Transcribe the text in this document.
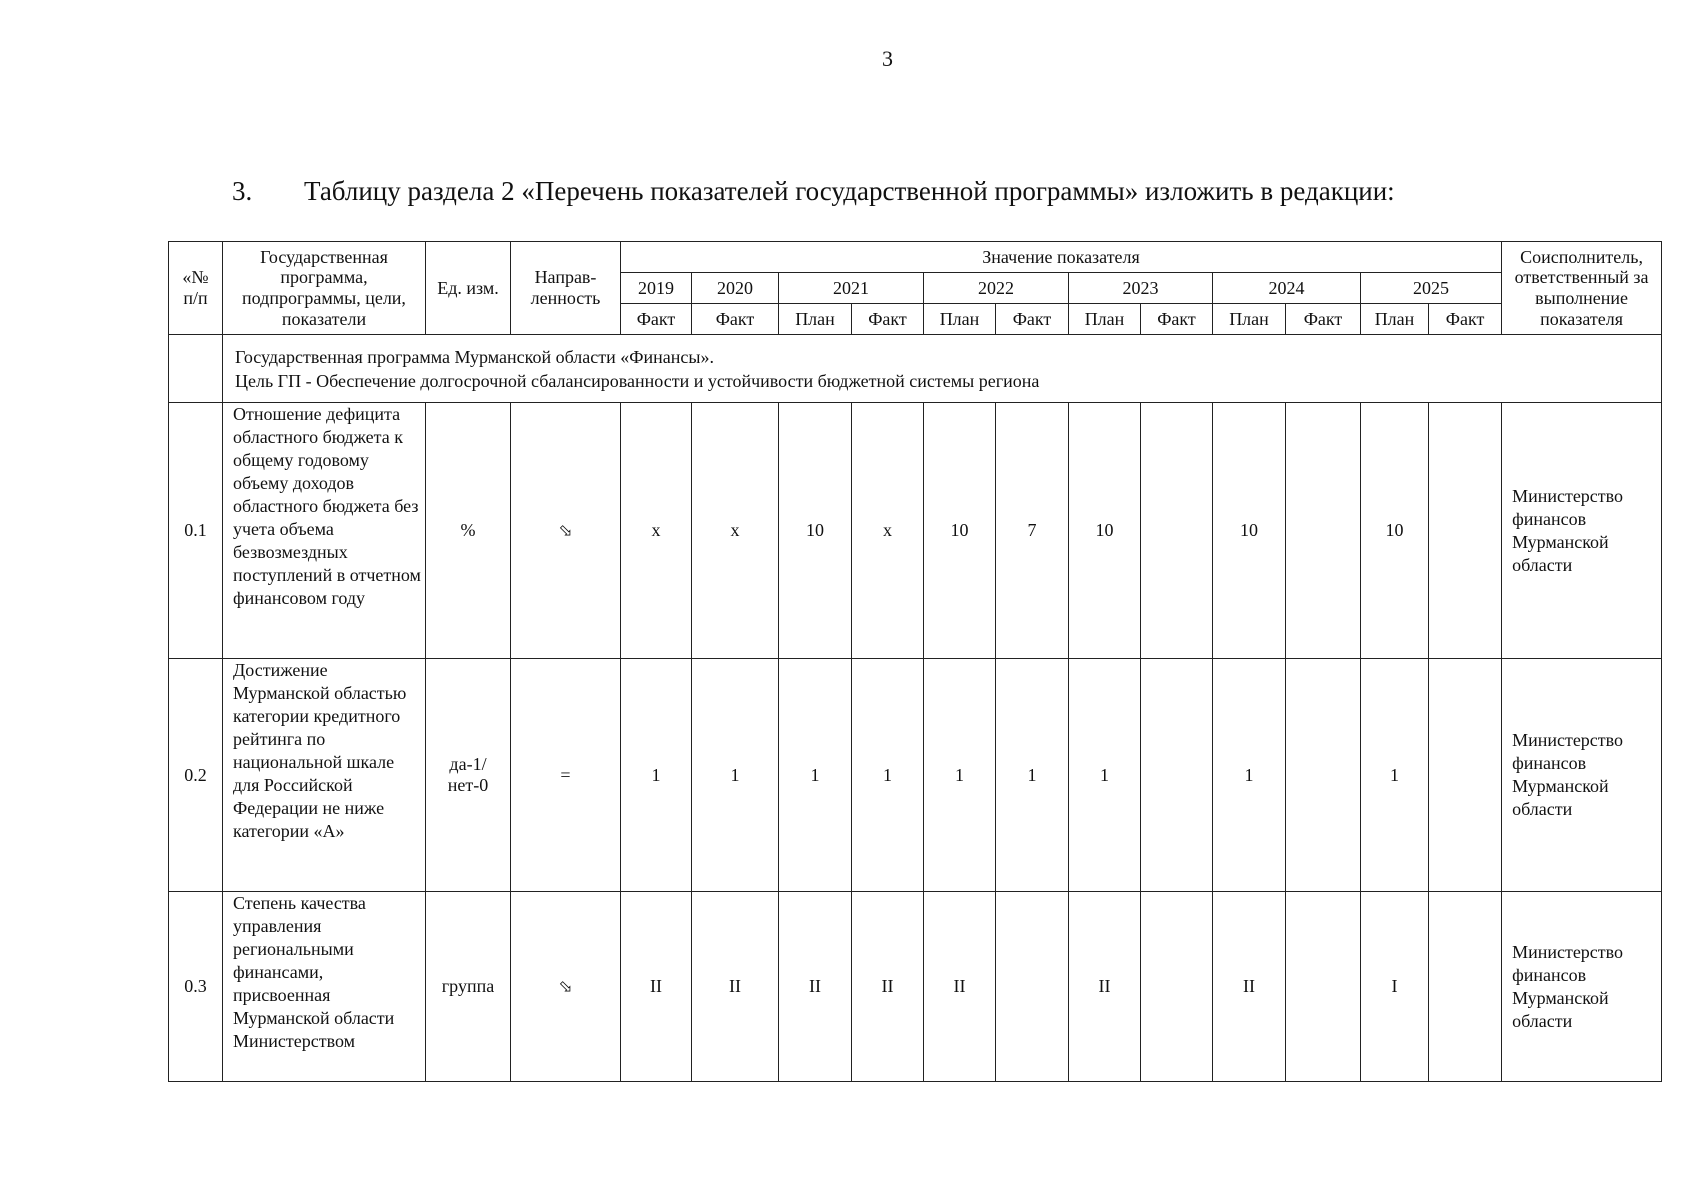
3
3. Таблицу раздела 2 «Перечень показателей государственной программы» изложить в редакции:
«№ п/п	Государственная программа, подпрограммы, цели, показатели	Ед. изм.	Направ-ленность	Значение показателя												Соисполнитель, ответственный за выполнение показателя
				2019	2020	2021		2022		2023		2024		2025		
				Факт	Факт	План	Факт	План	Факт	План	Факт	План	Факт	План	Факт	

	Государственная программа Мурманской области «Финансы».
Цель ГП - Обеспечение долгосрочной сбалансированности и устойчивости бюджетной системы региона															

0.1	Отношение дефицита областного бюджета к общему годовому объему доходов областного бюджета без учета объема безвозмездных поступлений в отчетном финансовом году	%	⬂	x	x	10	x	10	7	10		10		10		Министерство финансов Мурманской области
0.2	Достижение Мурманской областью категории кредитного рейтинга по национальной шкале для Российской Федерации не ниже категории «А»	да-1/нет-0	=	1	1	1	1	1	1	1		1		1		Министерство финансов Мурманской области
0.3	Степень качества управления региональными финансами, присвоенная Мурманской области Министерством	группа	⬂	II	II	II	II	II		II		II		I		Министерство финансов Мурманской области
